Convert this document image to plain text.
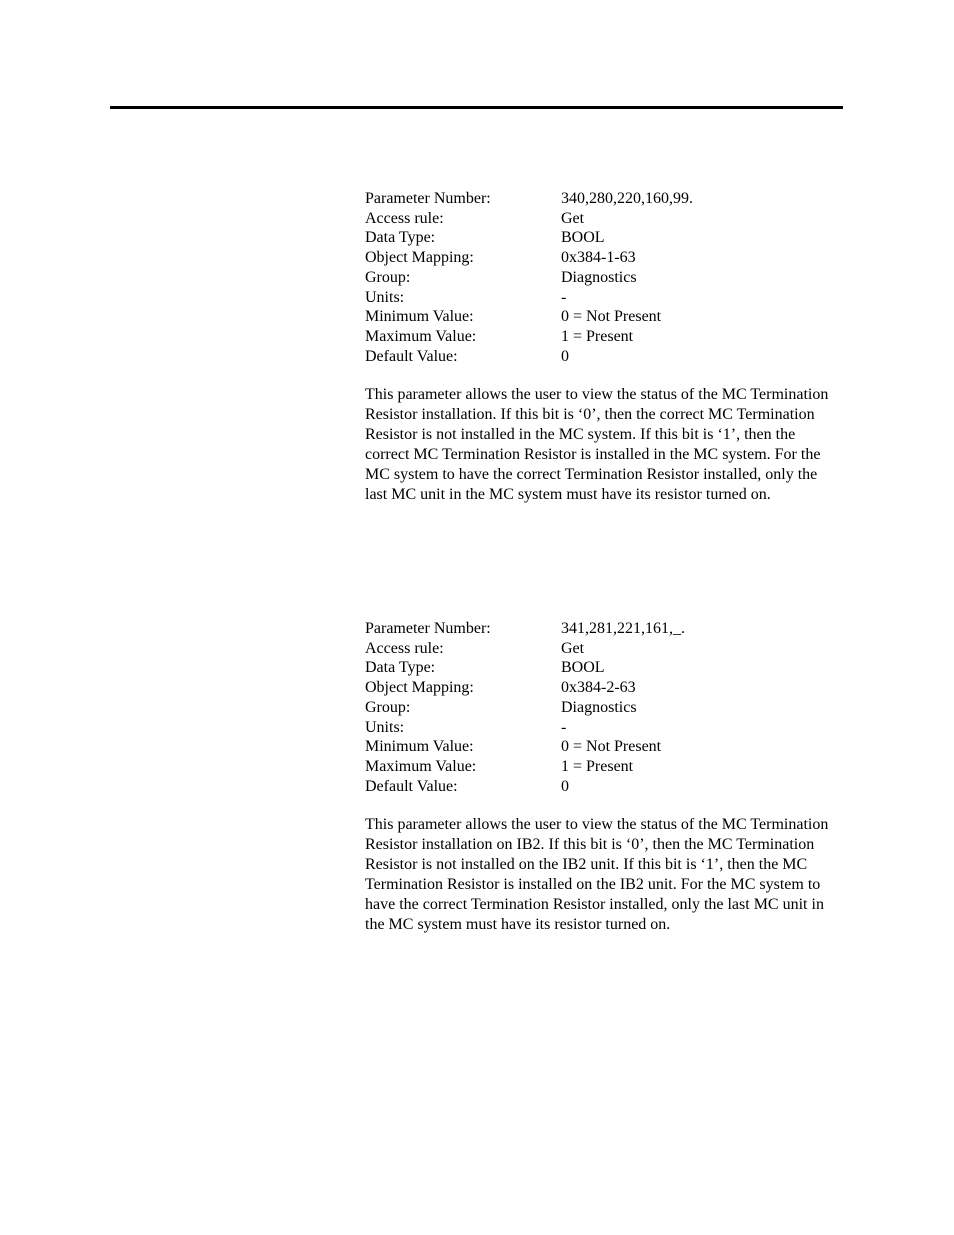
Parameter Number:	340,280,220,160,99.
Access rule:	Get
Data Type:	BOOL
Object Mapping:	0x384-1-63
Group:	Diagnostics
Units:	-
Minimum Value:	0 = Not Present
Maximum Value:	1 = Present
Default Value:	0

This parameter allows the user to view the status of the MC Termination Resistor installation. If this bit is ‘0’, then the correct MC Termination Resistor is not installed in the MC system. If this bit is ‘1’, then the correct MC Termination Resistor is installed in the MC system. For the MC system to have the correct Termination Resistor installed, only the last MC unit in the MC system must have its resistor turned on.

Parameter Number:	341,281,221,161,_.
Access rule:	Get
Data Type:	BOOL
Object Mapping:	0x384-2-63
Group:	Diagnostics
Units:	-
Minimum Value:	0 = Not Present
Maximum Value:	1 = Present
Default Value:	0

This parameter allows the user to view the status of the MC Termination Resistor installation on IB2. If this bit is ‘0’, then the MC Termination Resistor is not installed on the IB2 unit. If this bit is ‘1’, then the MC Termination Resistor is installed on the IB2 unit. For the MC system to have the correct Termination Resistor installed, only the last MC unit in the MC system must have its resistor turned on.
